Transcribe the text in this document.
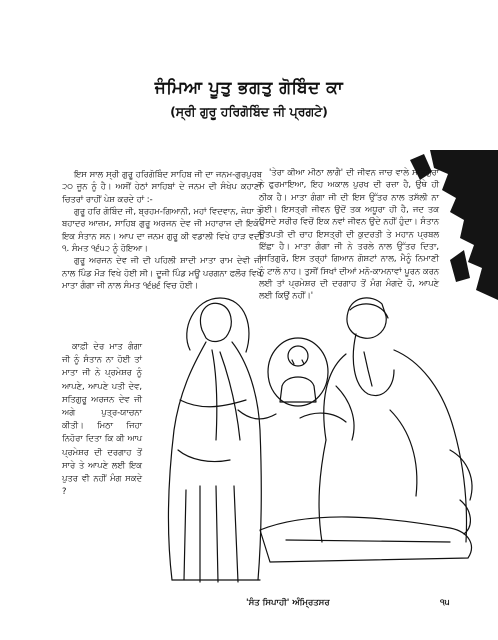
ਜੰਮਿਆ ਪੂਤੁ ਭਗਤੁ ਗੋਬਿੰਦ ਕਾ
(ਸ੍ਰੀ ਗੁਰੂ ਹਰਿਗੋਬਿੰਦ ਜੀ ਪ੍ਰਗਟੇ)

ਇਸ ਸਾਲ ਸ੍ਰੀ ਗੁਰੂ ਹਰਿਗੋਬਿੰਦ ਸਾਹਿਬ ਜੀ ਦਾ ਜਨਮ-ਗੁਰਪੁਰਬ ੨੦ ਜੂਨ ਨੂੰ ਹੈ। ਅਸੀਂ ਹੇਠਾਂ ਸਾਹਿਬਾਂ ਦੇ ਜਨਮ ਦੀ ਸੰਖੇਪ ਕਹਾਣੀ ਚਿਤਰਾਂ ਰਾਹੀਂ ਪੇਸ਼ ਕਰਦੇ ਹਾਂ :-

ਗੁਰੂ ਹਰਿ ਗੋਬਿੰਦ ਜੀ, ਬ੍ਰਹਮ-ਗਿਆਨੀ, ਮਹਾਂ ਵਿਦਵਾਨ, ਜੋਧਾ ਤੇ ਬਹਾਦਰ ਆਜ਼ਮ, ਸਾਹਿਬ ਗੁਰੂ ਅਰਜਨ ਦੇਵ ਜੀ ਮਹਾਰਾਜ ਦੀ ਇਕੋ-ਇਕ ਸੰਤਾਨ ਸਨ। ਆਪ ਦਾ ਜਨਮ ਗੁਰੂ ਕੀ ਵਡਾਲੀ ਵਿਖੇ ਹਾੜ ਵਦੀ ੧. ਸੰਮਤ ੧੬੫੨ ਨੂੰ ਹੋਇਆ।

ਗੁਰੂ ਅਰਜਨ ਦੇਵ ਜੀ ਦੀ ਪਹਿਲੀ ਸ਼ਾਦੀ ਮਾਤਾ ਰਾਮ ਦੇਵੀ ਜੀ ਨਾਲ ਪਿੰਡ ਮੌੜ ਵਿਖੇ ਹੋਈ ਸੀ। ਦੂਜੀ ਪਿੰਡ ਮਊ ਪਰਗਨਾ ਫਲੌਰ ਵਿਖੇ ਮਾਤਾ ਗੰਗਾ ਜੀ ਨਾਲ ਸੰਮਤ ੧੬੪੬ ਵਿਚ ਹੋਈ।

'ਤੇਰਾ ਕੀਆ ਮੀਠਾ ਲਾਗੈ' ਦੀ ਜੀਵਨ ਜਾਚ ਵਾਲੇ ਸਤਿਗੁਰਾਂ ਨੇ ਫੁਰਮਾਇਆ, ਇਹ ਅਕਾਲ ਪੁਰਖ ਦੀ ਰਜ਼ਾ ਹੈ, ਉਥੇ ਹੀ ਠੀਕ ਹੈ। ਮਾਤਾ ਗੰਗਾ ਜੀ ਦੀ ਇਸ ਉੱਤਰ ਨਾਲ ਤਸੱਲੀ ਨਾ ਹੋਈ। ਇਸਤ੍ਰੀ ਜੀਵਨ ਉਦੋਂ ਤਕ ਅਧੂਰਾ ਹੀ ਹੈ, ਜਦ ਤਕ ਉਸਦੇ ਸਰੀਰ ਵਿਚੋਂ ਇਕ ਨਵਾਂ ਜੀਵਨ ਉਦੇ ਨਹੀਂ ਹੁੰਦਾ। ਸੰਤਾਨ ਉਤਪਤੀ ਦੀ ਚਾਹ ਇਸਤ੍ਰੀ ਦੀ ਕੁਦਰਤੀ ਤੇ ਮਹਾਨ ਪ੍ਰਬਲ ਇੱਛਾ ਹੈ। ਮਾਤਾ ਗੰਗਾ ਜੀ ਨੇ ਤਰਲੇ ਨਾਲ ਉੱਤਰ ਦਿਤਾ, 'ਸਤਿਗੁਰੋ, ਇਸ ਤਰ੍ਹਾਂ ਗਿਆਨ ਗੋਸ਼ਟਾਂ ਨਾਲ, ਮੈਨੂੰ ਨਿਮਾਣੀ ਨੂੰ ਟਾਲੋ ਨਾਹ। ਤੁਸੀਂ ਸਿਖਾਂ ਦੀਆਂ ਮਨੋ-ਕਾਮਨਾਵਾਂ ਪੂਰਨ ਕਰਨ ਲਈ ਤਾਂ ਪ੍ਰਮੇਸ਼ਰ ਦੀ ਦਰਗਾਹ ਤੋਂ ਮੰਗ ਮੰਗਦੇ ਹੋ, ਆਪਣੇ ਲਈ ਕਿਉਂ ਨਹੀਂ।'

ਕਾਫ਼ੀ ਦੇਰ ਮਾਤ ਗੰਗਾ ਜੀ ਨੂੰ ਸੰਤਾਨ ਨਾ ਹੋਈ ਤਾਂ ਮਾਤਾ ਜੀ ਨੇ ਪ੍ਰਮੇਸ਼ਰ ਨੂੰ ਆਪਣੇ, ਆਪਣੇ ਪਤੀ ਦੇਵ, ਸਤਿਗੁਰੂ ਅਰਜਨ ਦੇਵ ਜੀ ਅਗੇ ਪੁਤ੍ਰ-ਯਾਚਨਾ ਕੀਤੀ। ਮਿਠਾ ਜਿਹਾ ਨਿਹੋਰਾ ਦਿਤਾ ਕਿ ਕੀ ਆਪ ਪ੍ਰਮੇਸ਼ਰ ਦੀ ਦਰਗਾਹ ਤੋਂ ਸਾਰੇ ਤੇ ਆਪਣੇ ਲਈ ਇਕ ਪੁਤਰ ਵੀ ਨਹੀਂ ਮੰਗ ਸਕਦੇ ?

'ਸੰਤ ਸਿਪਾਹੀ' ਅੰਮ੍ਰਿਤਸਰ	੧੫
